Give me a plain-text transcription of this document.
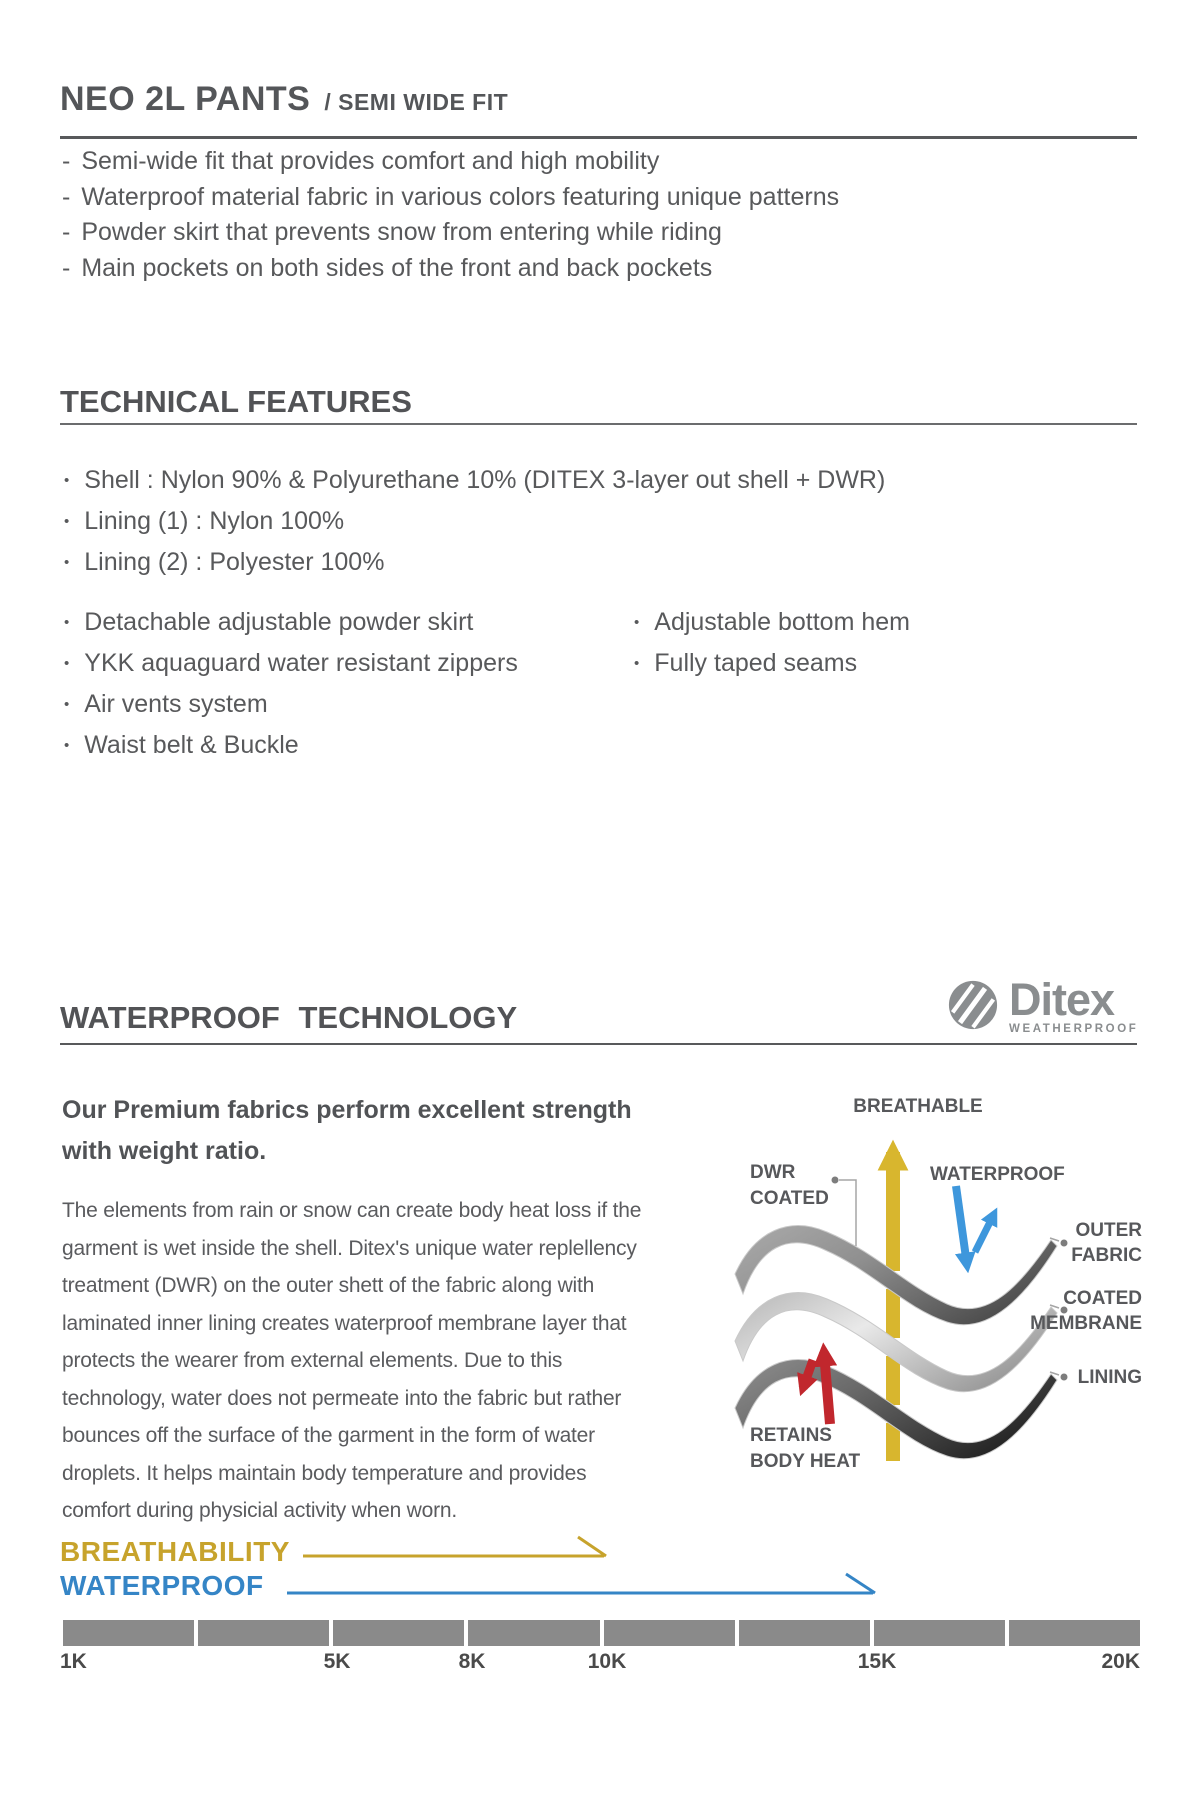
NEO 2L PANTS / SEMI WIDE FIT
- Semi-wide fit that provides comfort and high mobility
- Waterproof material fabric in various colors featuring unique patterns
- Powder skirt that prevents snow from entering while riding
- Main pockets on both sides of the front and back pockets
TECHNICAL FEATURES
• Shell : Nylon 90% & Polyurethane 10% (DITEX 3-layer out shell + DWR)
• Lining (1) : Nylon 100%
• Lining (2) : Polyester 100%
• Detachable adjustable powder skirt
• YKK aquaguard water resistant zippers
• Air vents system
• Waist belt & Buckle
• Adjustable bottom hem
• Fully taped seams
WATERPROOF TECHNOLOGY	Ditex
WEATHERPROOF
Our Premium fabrics perform excellent strength
with weight ratio.
The elements from rain or snow can create body heat loss if the
garment is wet inside the shell. Ditex's unique water replellency
treatment (DWR) on the outer shett of the fabric along with
laminated inner lining creates waterproof membrane layer that
protects the wearer from external elements. Due to this
technology, water does not permeate into the fabric but rather
bounces off the surface of the garment in the form of water
droplets. It helps maintain body temperature and provides
comfort during physicial activity when worn.
BREATHABLE
DWR
COATED
WATERPROOF
OUTER
FABRIC
COATED
MEMBRANE
LINING
RETAINS
BODY HEAT
BREATHABILITY
WATERPROOF
1K	5K	8K	10K	15K	20K
